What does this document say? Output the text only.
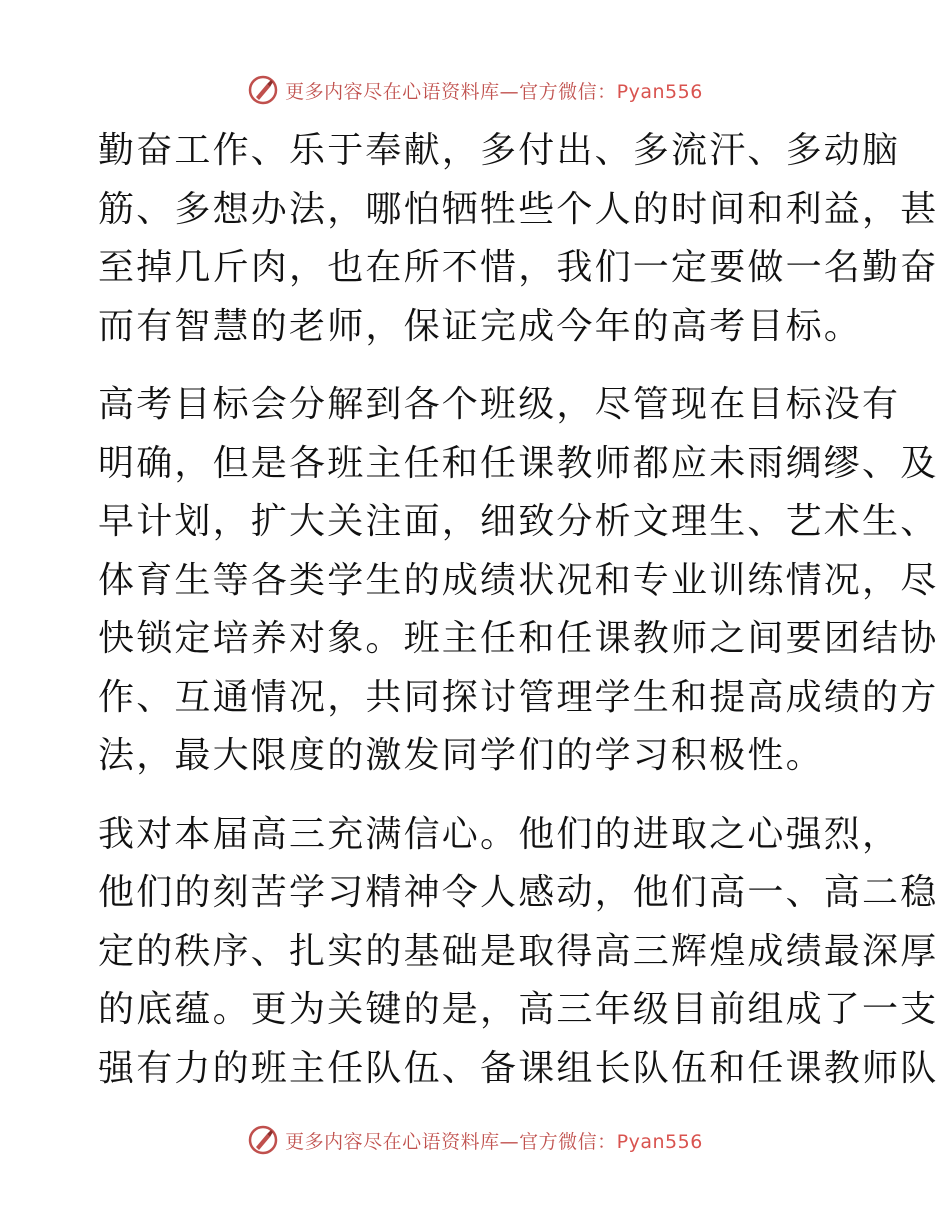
更多内容尽在心语资料库—官方微信：Pyan556

勤奋工作、乐于奉献，多付出、多流汗、多动脑
筋、多想办法，哪怕牺牲些个人的时间和利益，甚
至掉几斤肉，也在所不惜，我们一定要做一名勤奋
而有智慧的老师，保证完成今年的高考目标。

高考目标会分解到各个班级，尽管现在目标没有
明确，但是各班主任和任课教师都应未雨绸缪、及
早计划，扩大关注面，细致分析文理生、艺术生、
体育生等各类学生的成绩状况和专业训练情况，尽
快锁定培养对象。班主任和任课教师之间要团结协
作、互通情况，共同探讨管理学生和提高成绩的方
法，最大限度的激发同学们的学习积极性。

我对本届高三充满信心。他们的进取之心强烈，
他们的刻苦学习精神令人感动，他们高一、高二稳
定的秩序、扎实的基础是取得高三辉煌成绩最深厚
的底蕴。更为关键的是，高三年级目前组成了一支
强有力的班主任队伍、备课组长队伍和任课教师队

更多内容尽在心语资料库—官方微信：Pyan556
